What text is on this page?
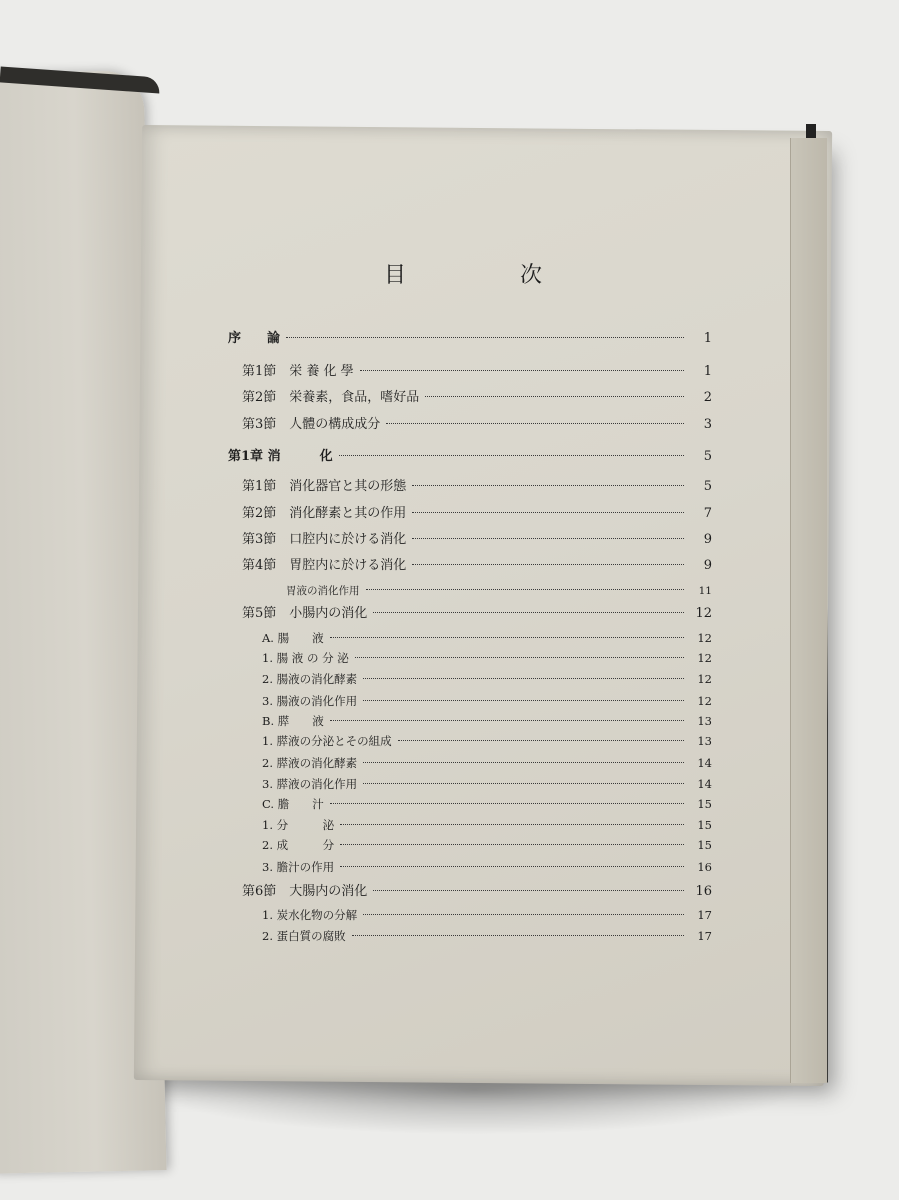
目	次
序　　論	1
第1節　栄 養 化 學	1
第2節　栄養素，食品，嗜好品	2
第3節　人體の構成成分	3
第1章 消　　　化	5
第1節　消化器官と其の形態	5
第2節　消化酵素と其の作用	7
第3節　口腔内に於ける消化	9
第4節　胃腔内に於ける消化	9
胃液の消化作用	11
第5節　小腸内の消化	12
A. 腸　　液	12
1. 腸 液 の 分 泌	12
2. 腸液の消化酵素	12
3. 腸液の消化作用	12
B. 膵　　液	13
1. 膵液の分泌とその組成	13
2. 膵液の消化酵素	14
3. 膵液の消化作用	14
C. 膽　　汁	15
1. 分　　　泌	15
2. 成　　　分	15
3. 膽汁の作用	16
第6節　大腸内の消化	16
1. 炭水化物の分解	17
2. 蛋白質の腐敗	17
